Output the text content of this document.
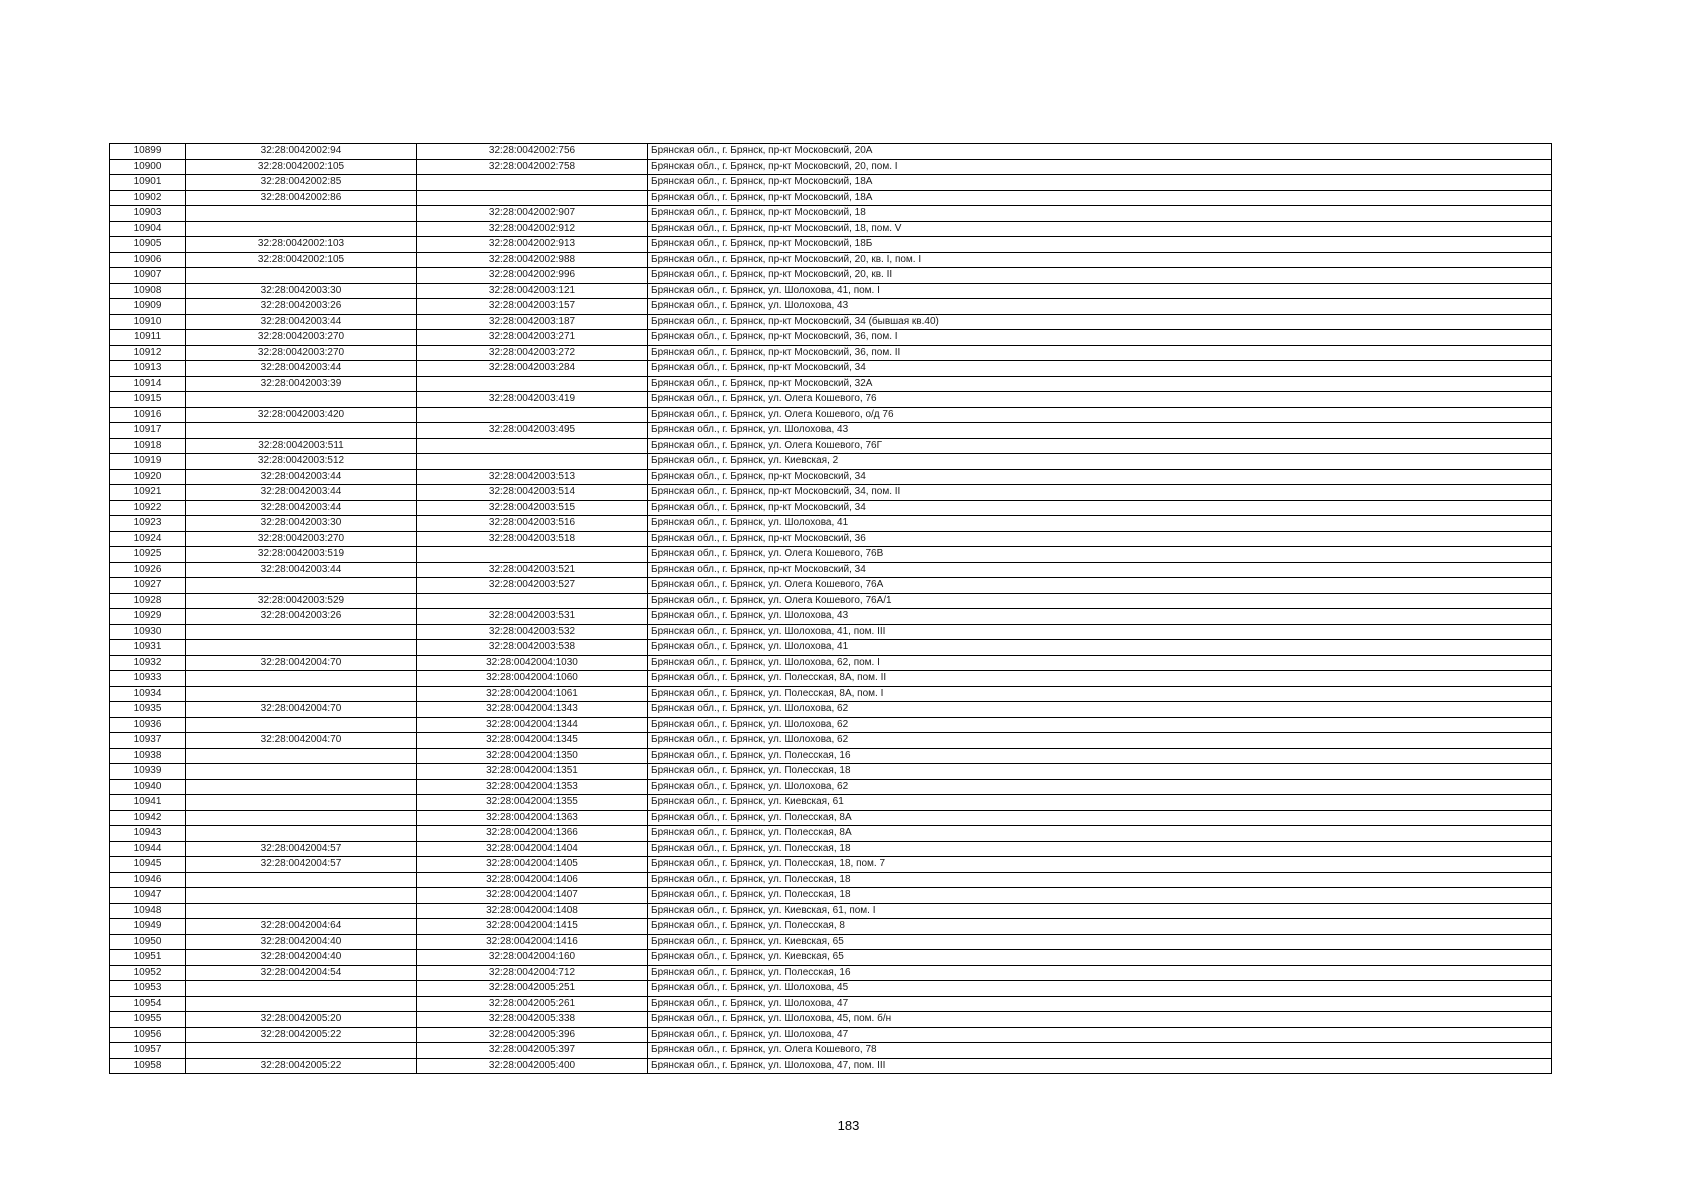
10899	32:28:0042002:94	32:28:0042002:756	Брянская обл., г. Брянск, пр-кт Московский, 20А
10900	32:28:0042002:105	32:28:0042002:758	Брянская обл., г. Брянск, пр-кт Московский, 20, пом. I
10901	32:28:0042002:85		Брянская обл., г. Брянск, пр-кт Московский, 18А
10902	32:28:0042002:86		Брянская обл., г. Брянск, пр-кт Московский, 18А
10903		32:28:0042002:907	Брянская обл., г. Брянск, пр-кт Московский, 18
10904		32:28:0042002:912	Брянская обл., г. Брянск, пр-кт Московский, 18, пом. V
10905	32:28:0042002:103	32:28:0042002:913	Брянская обл., г. Брянск, пр-кт Московский, 18Б
10906	32:28:0042002:105	32:28:0042002:988	Брянская обл., г. Брянск, пр-кт Московский, 20, кв. I, пом. I
10907		32:28:0042002:996	Брянская обл., г. Брянск, пр-кт Московский, 20, кв. II
10908	32:28:0042003:30	32:28:0042003:121	Брянская обл., г. Брянск, ул. Шолохова, 41, пом. I
10909	32:28:0042003:26	32:28:0042003:157	Брянская обл., г. Брянск, ул. Шолохова, 43
10910	32:28:0042003:44	32:28:0042003:187	Брянская обл., г. Брянск, пр-кт Московский, 34 (бывшая кв.40)
10911	32:28:0042003:270	32:28:0042003:271	Брянская обл., г. Брянск, пр-кт Московский, 36, пом. I
10912	32:28:0042003:270	32:28:0042003:272	Брянская обл., г. Брянск, пр-кт Московский, 36, пом. II
10913	32:28:0042003:44	32:28:0042003:284	Брянская обл., г. Брянск, пр-кт Московский, 34
10914	32:28:0042003:39		Брянская обл., г. Брянск, пр-кт Московский, 32А
10915		32:28:0042003:419	Брянская обл., г. Брянск, ул. Олега Кошевого, 76
10916	32:28:0042003:420		Брянская обл., г. Брянск, ул. Олега Кошевого, о/д 76
10917		32:28:0042003:495	Брянская обл., г. Брянск, ул. Шолохова, 43
10918	32:28:0042003:511		Брянская обл., г. Брянск, ул. Олега Кошевого, 76Г
10919	32:28:0042003:512		Брянская обл., г. Брянск, ул. Киевская, 2
10920	32:28:0042003:44	32:28:0042003:513	Брянская обл., г. Брянск, пр-кт Московский, 34
10921	32:28:0042003:44	32:28:0042003:514	Брянская обл., г. Брянск, пр-кт Московский, 34, пом. II
10922	32:28:0042003:44	32:28:0042003:515	Брянская обл., г. Брянск, пр-кт Московский, 34
10923	32:28:0042003:30	32:28:0042003:516	Брянская обл., г. Брянск, ул. Шолохова, 41
10924	32:28:0042003:270	32:28:0042003:518	Брянская обл., г. Брянск, пр-кт Московский, 36
10925	32:28:0042003:519		Брянская обл., г. Брянск, ул. Олега Кошевого, 76В
10926	32:28:0042003:44	32:28:0042003:521	Брянская обл., г. Брянск, пр-кт Московский, 34
10927		32:28:0042003:527	Брянская обл., г. Брянск, ул. Олега Кошевого, 76А
10928	32:28:0042003:529		Брянская обл., г. Брянск, ул. Олега Кошевого, 76А/1
10929	32:28:0042003:26	32:28:0042003:531	Брянская обл., г. Брянск, ул. Шолохова, 43
10930		32:28:0042003:532	Брянская обл., г. Брянск, ул. Шолохова, 41, пом. III
10931		32:28:0042003:538	Брянская обл., г. Брянск, ул. Шолохова, 41
10932	32:28:0042004:70	32:28:0042004:1030	Брянская обл., г. Брянск, ул. Шолохова, 62, пом. I
10933		32:28:0042004:1060	Брянская обл., г. Брянск, ул. Полесская, 8А, пом. II
10934		32:28:0042004:1061	Брянская обл., г. Брянск, ул. Полесская, 8А, пом. I
10935	32:28:0042004:70	32:28:0042004:1343	Брянская обл., г. Брянск, ул. Шолохова, 62
10936		32:28:0042004:1344	Брянская обл., г. Брянск, ул. Шолохова, 62
10937	32:28:0042004:70	32:28:0042004:1345	Брянская обл., г. Брянск, ул. Шолохова, 62
10938		32:28:0042004:1350	Брянская обл., г. Брянск, ул. Полесская, 16
10939		32:28:0042004:1351	Брянская обл., г. Брянск, ул. Полесская, 18
10940		32:28:0042004:1353	Брянская обл., г. Брянск, ул. Шолохова, 62
10941		32:28:0042004:1355	Брянская обл., г. Брянск, ул. Киевская, 61
10942		32:28:0042004:1363	Брянская обл., г. Брянск, ул. Полесская, 8А
10943		32:28:0042004:1366	Брянская обл., г. Брянск, ул. Полесская, 8А
10944	32:28:0042004:57	32:28:0042004:1404	Брянская обл., г. Брянск, ул. Полесская, 18
10945	32:28:0042004:57	32:28:0042004:1405	Брянская обл., г. Брянск, ул. Полесская, 18, пом. 7
10946		32:28:0042004:1406	Брянская обл., г. Брянск, ул. Полесская, 18
10947		32:28:0042004:1407	Брянская обл., г. Брянск, ул. Полесская, 18
10948		32:28:0042004:1408	Брянская обл., г. Брянск, ул. Киевская, 61, пом. I
10949	32:28:0042004:64	32:28:0042004:1415	Брянская обл., г. Брянск, ул. Полесская, 8
10950	32:28:0042004:40	32:28:0042004:1416	Брянская обл., г. Брянск, ул. Киевская, 65
10951	32:28:0042004:40	32:28:0042004:160	Брянская обл., г. Брянск, ул. Киевская, 65
10952	32:28:0042004:54	32:28:0042004:712	Брянская обл., г. Брянск, ул. Полесская, 16
10953		32:28:0042005:251	Брянская обл., г. Брянск, ул. Шолохова, 45
10954		32:28:0042005:261	Брянская обл., г. Брянск, ул. Шолохова, 47
10955	32:28:0042005:20	32:28:0042005:338	Брянская обл., г. Брянск, ул. Шолохова, 45, пом. б/н
10956	32:28:0042005:22	32:28:0042005:396	Брянская обл., г. Брянск, ул. Шолохова, 47
10957		32:28:0042005:397	Брянская обл., г. Брянск, ул. Олега Кошевого, 78
10958	32:28:0042005:22	32:28:0042005:400	Брянская обл., г. Брянск, ул. Шолохова, 47, пом. III
183
